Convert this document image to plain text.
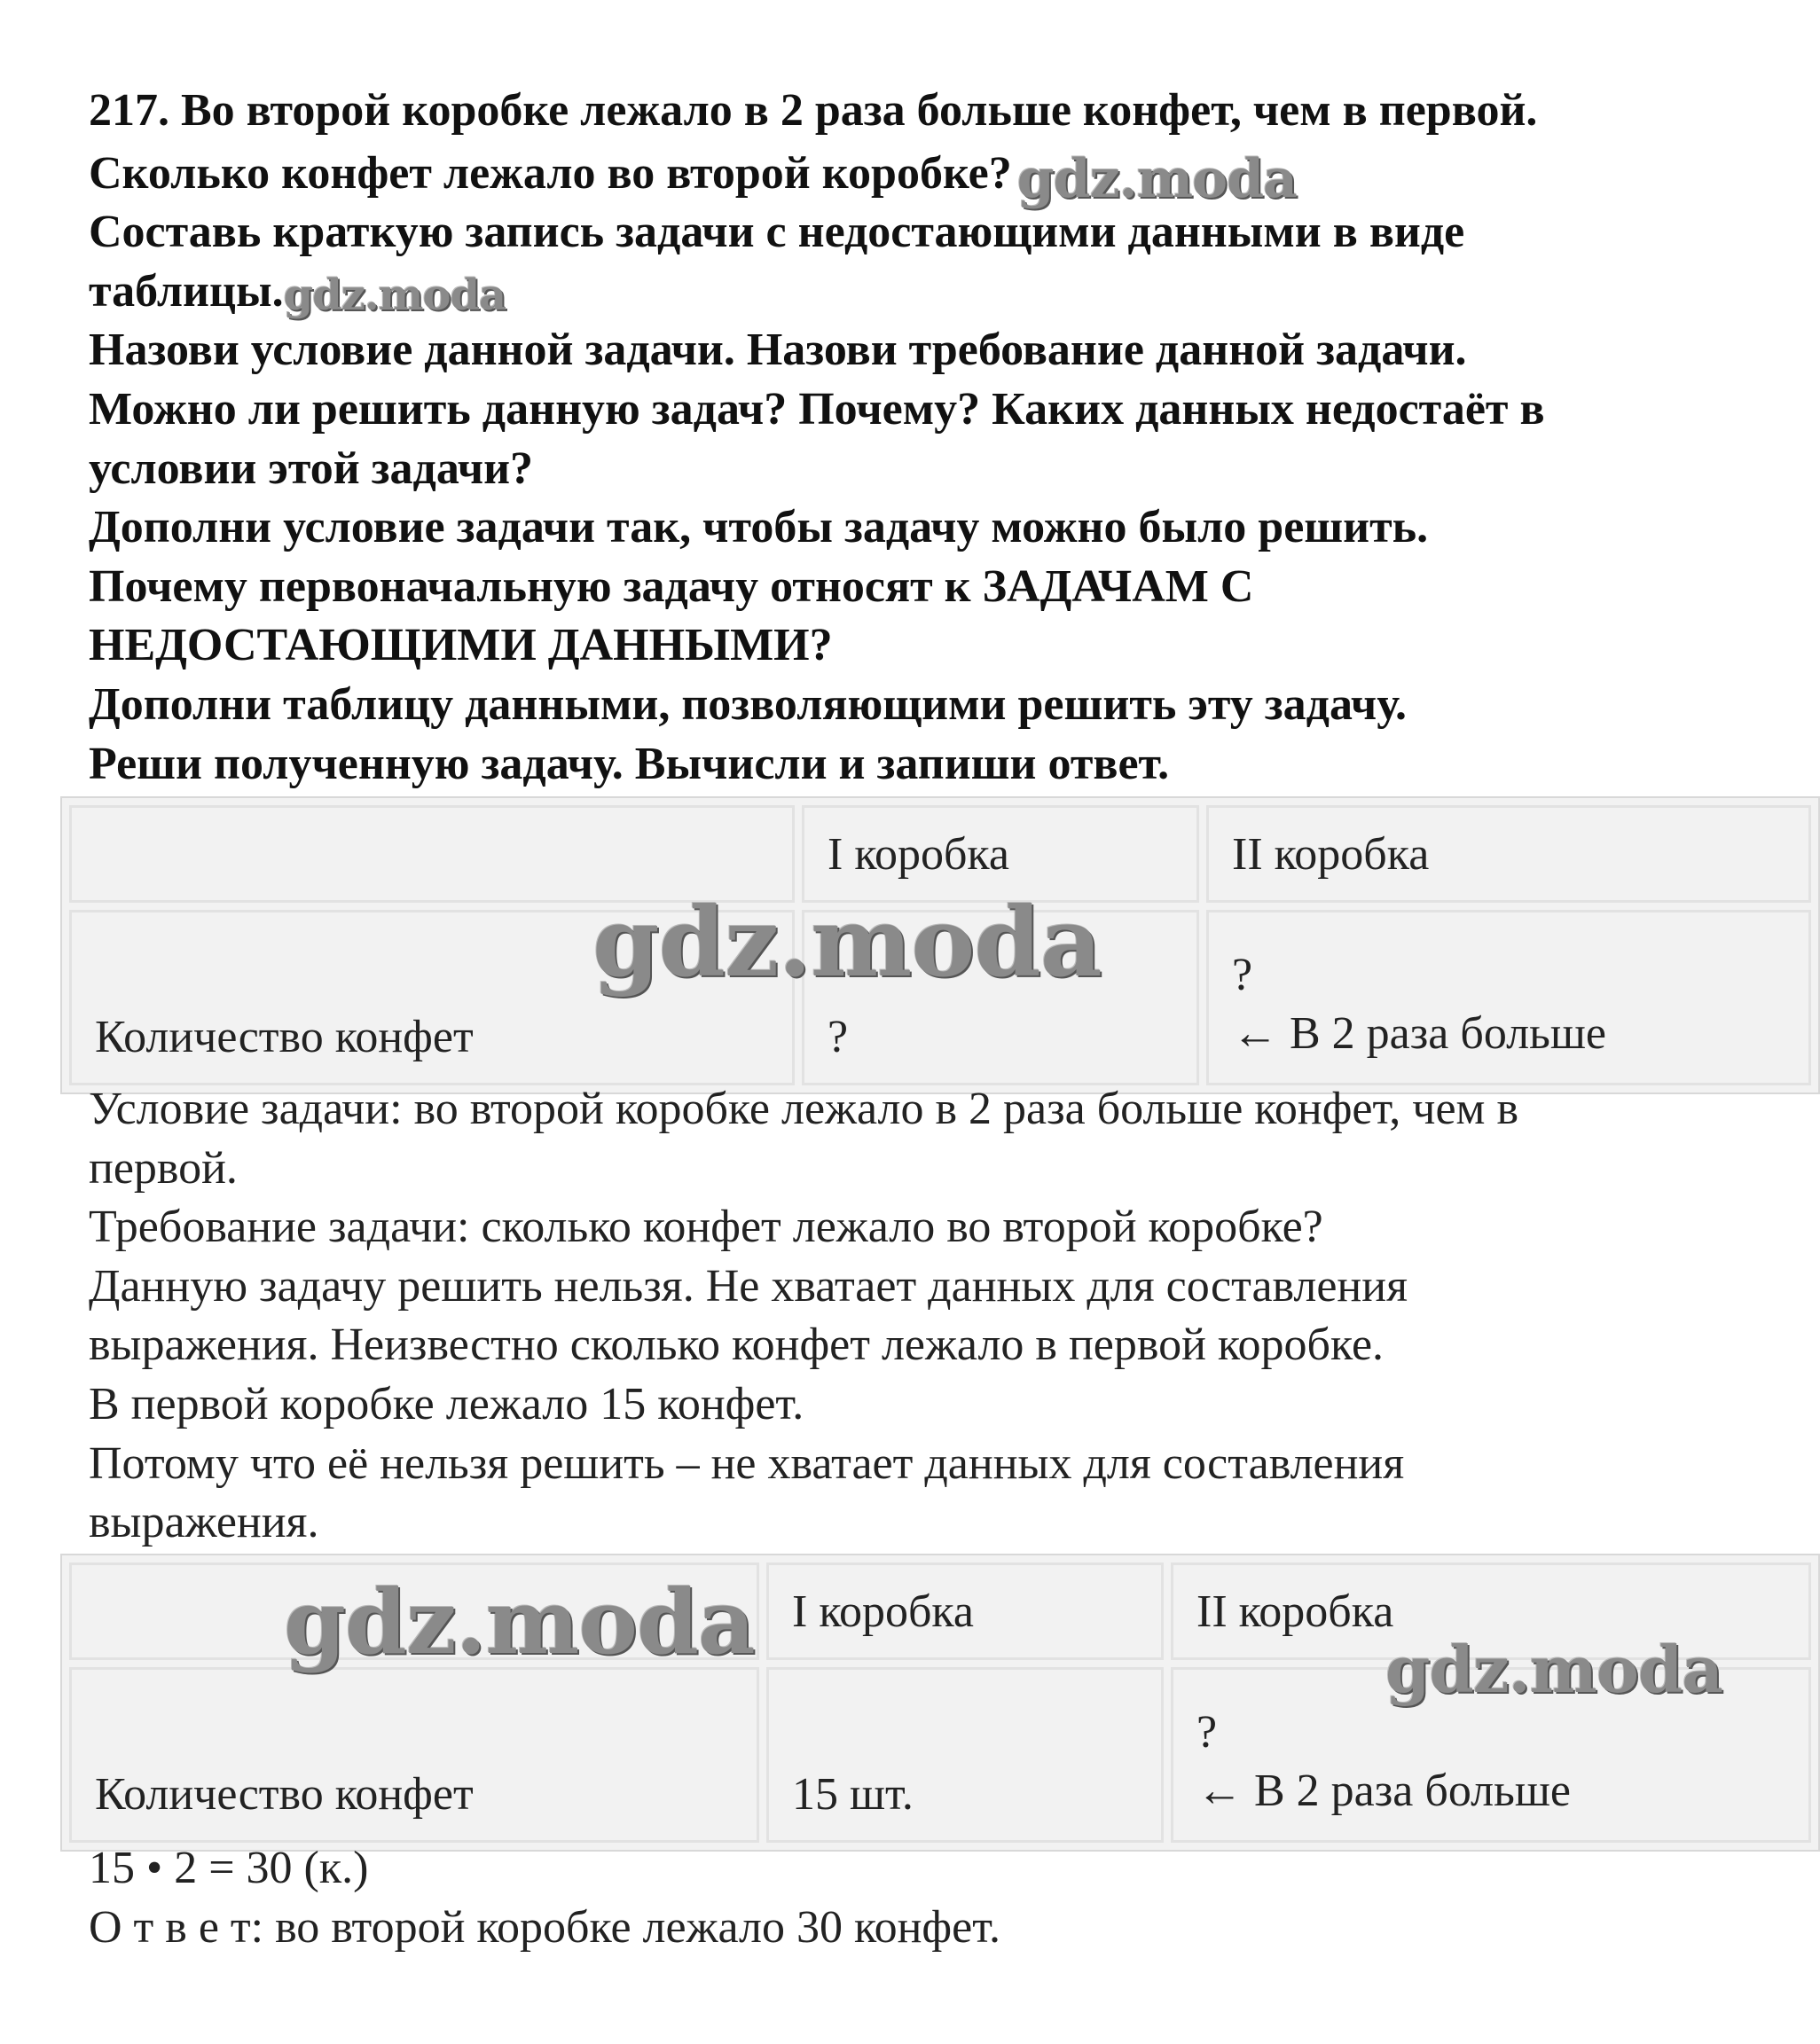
217. Во второй коробке лежало в 2 раза больше конфет, чем в первой.
Сколько конфет лежало во второй коробке? gdz.moda
Составь краткую запись задачи с недостающими данными в виде
таблицы.gdz.moda
Назови условие данной задачи. Назови требование данной задачи.
Можно ли решить данную задач? Почему? Каких данных недостаёт в
условии этой задачи?
Дополни условие задачи так, чтобы задачу можно было решить.
Почему первоначальную задачу относят к ЗАДАЧАМ С
НЕДОСТАЮЩИМИ ДАННЫМИ?
Дополни таблицу данными, позволяющими решить эту задачу.
Реши полученную задачу. Вычисли и запиши ответ.
	I коробка	II коробка
Количество конфет	?	?
← В 2 раза больше
gdz.moda
Условие задачи: во второй коробке лежало в 2 раза больше конфет, чем в
первой.
Требование задачи: сколько конфет лежало во второй коробке?
Данную задачу решить нельзя. Не хватает данных для составления
выражения. Неизвестно сколько конфет лежало в первой коробке.
В первой коробке лежало 15 конфет.
Потому что её нельзя решить – не хватает данных для составления
выражения.
	I коробка	II коробка
Количество конфет	15 шт.	?
← В 2 раза больше
gdz.moda	gdz.moda
15 • 2 = 30 (к.)
О т в е т: во второй коробке лежало 30 конфет.
